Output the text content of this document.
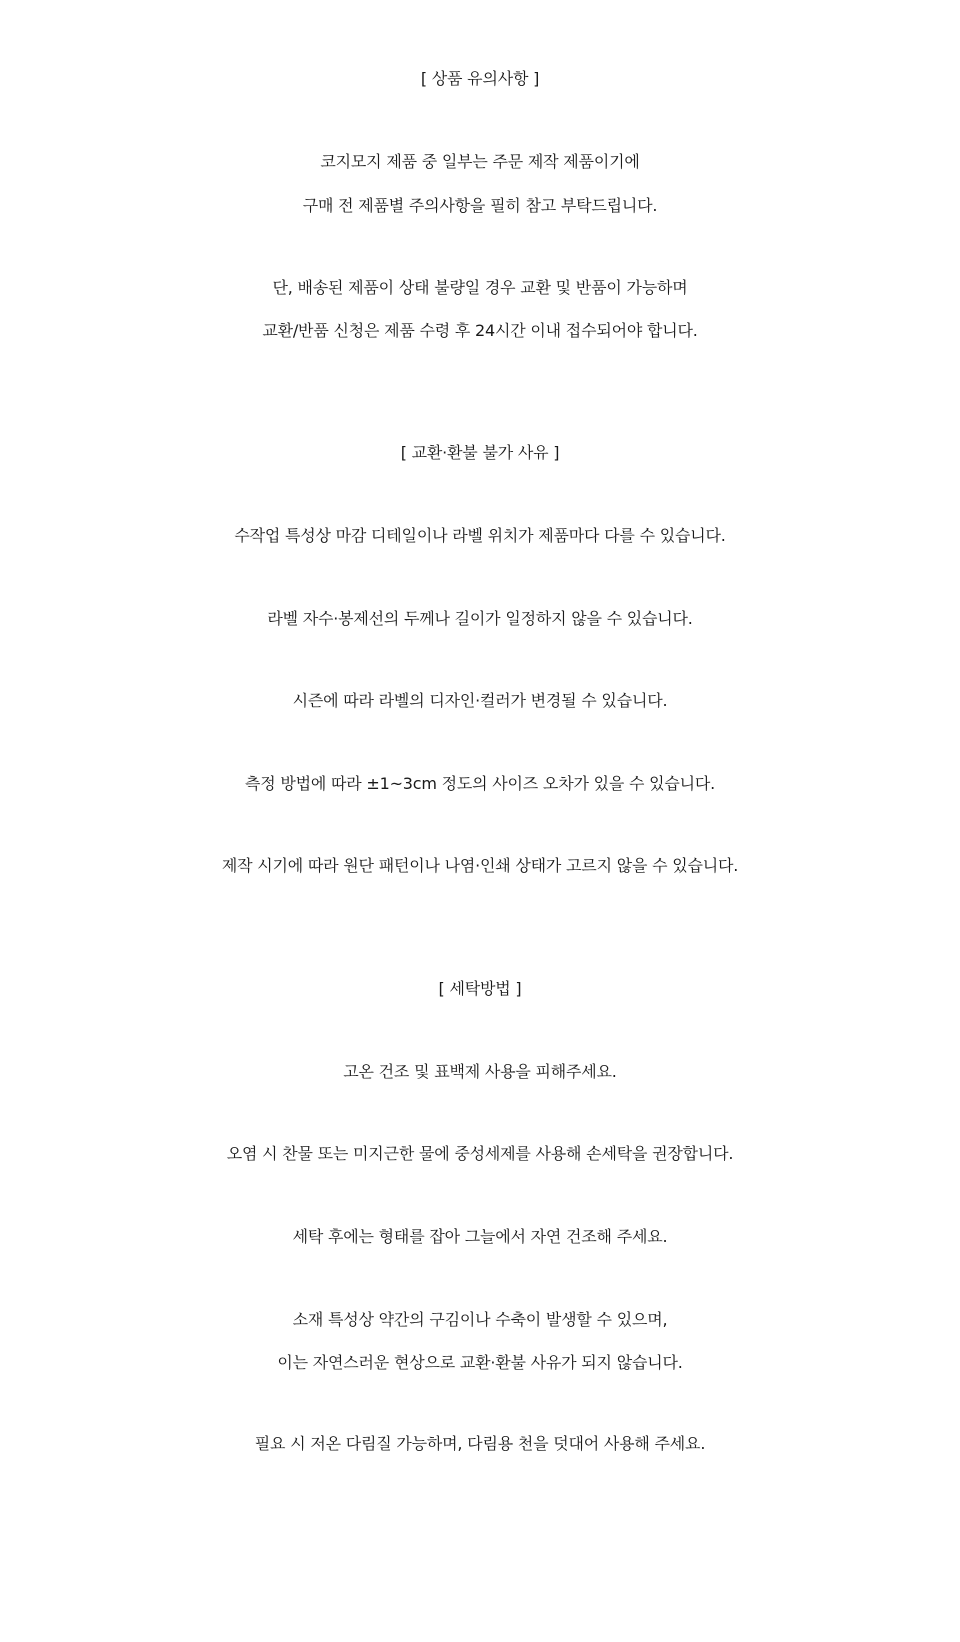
[ 상품 유의사항 ]
코지모지 제품 중 일부는 주문 제작 제품이기에
구매 전 제품별 주의사항을 필히 참고 부탁드립니다.
단, 배송된 제품이 상태 불량일 경우 교환 및 반품이 가능하며
교환/반품 신청은 제품 수령 후 24시간 이내 접수되어야 합니다.
[ 교환·환불 불가 사유 ]
수작업 특성상 마감 디테일이나 라벨 위치가 제품마다 다를 수 있습니다.
라벨 자수·봉제선의 두께나 길이가 일정하지 않을 수 있습니다.
시즌에 따라 라벨의 디자인·컬러가 변경될 수 있습니다.
측정 방법에 따라 ±1~3cm 정도의 사이즈 오차가 있을 수 있습니다.
제작 시기에 따라 원단 패턴이나 나염·인쇄 상태가 고르지 않을 수 있습니다.
[ 세탁방법 ]
고온 건조 및 표백제 사용을 피해주세요.
오염 시 찬물 또는 미지근한 물에 중성세제를 사용해 손세탁을 권장합니다.
세탁 후에는 형태를 잡아 그늘에서 자연 건조해 주세요.
소재 특성상 약간의 구김이나 수축이 발생할 수 있으며,
이는 자연스러운 현상으로 교환·환불 사유가 되지 않습니다.
필요 시 저온 다림질 가능하며, 다림용 천을 덧대어 사용해 주세요.
